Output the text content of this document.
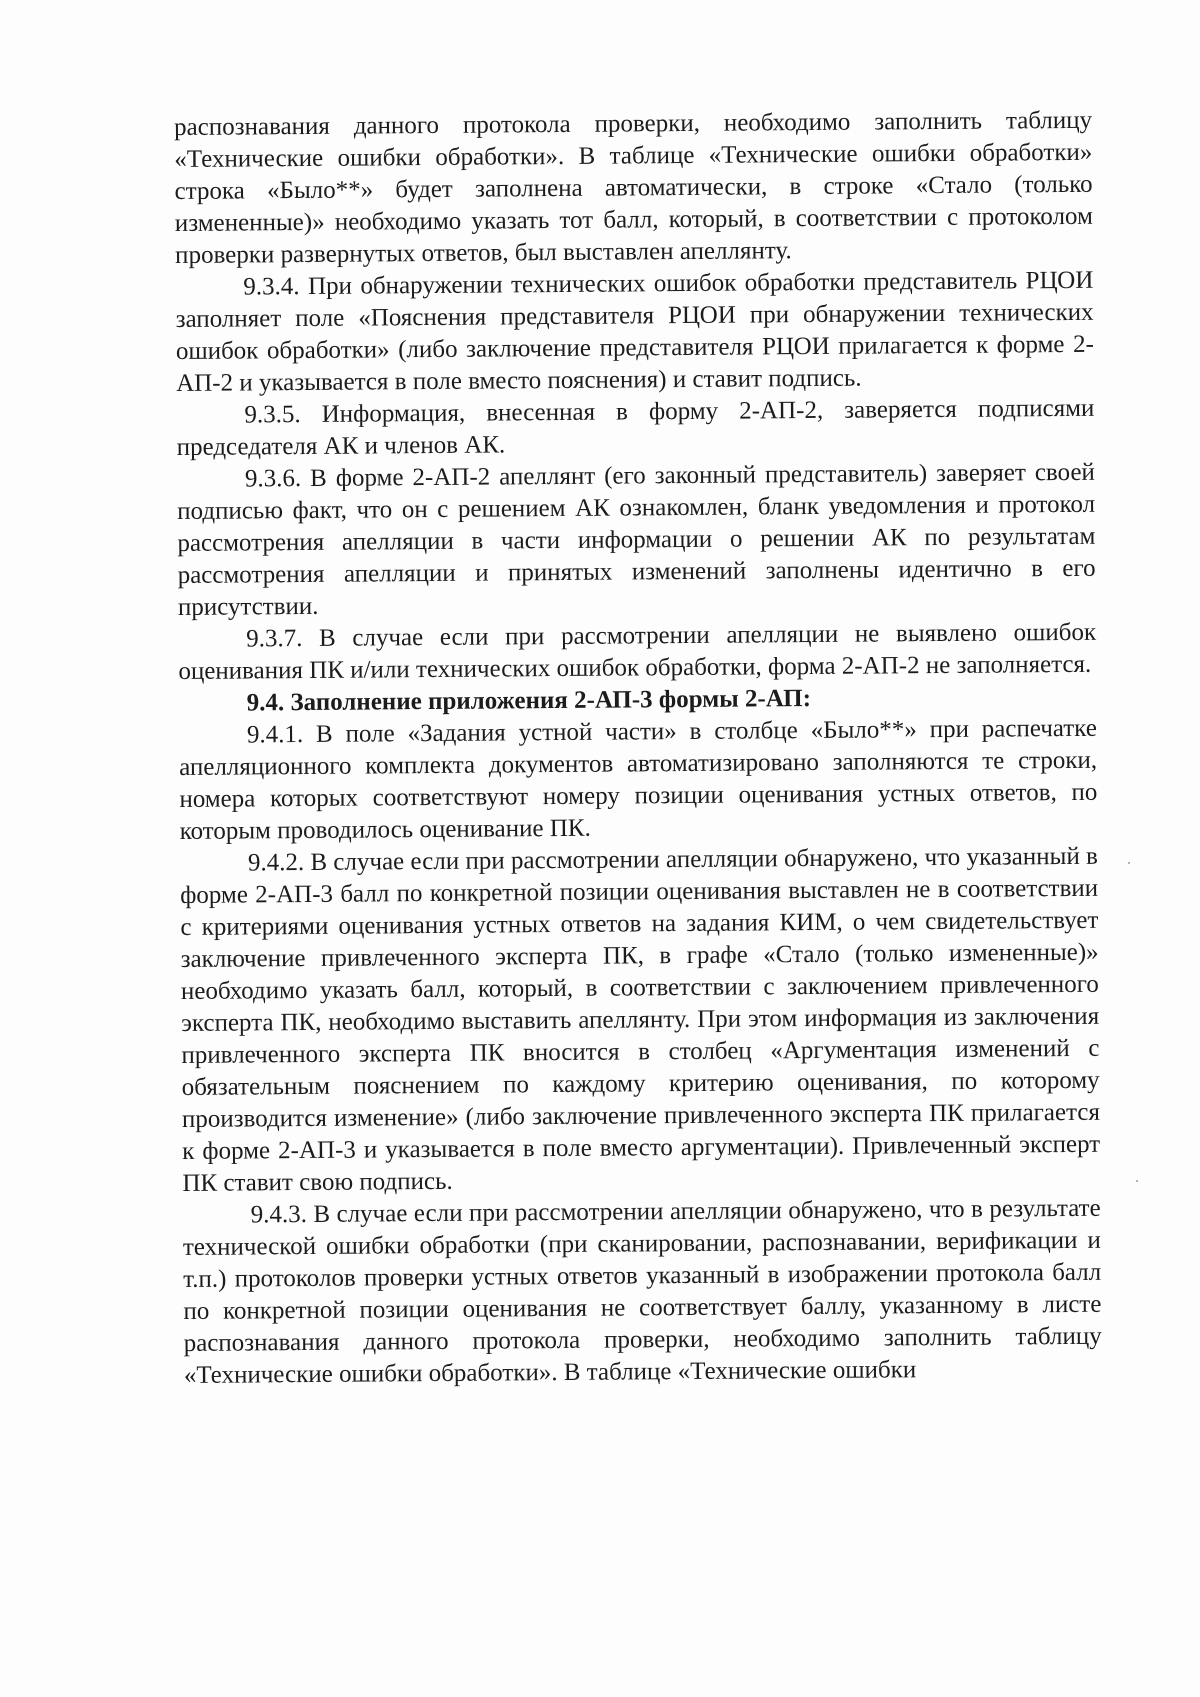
распознавания данного протокола проверки, необходимо заполнить таблицу «Технические ошибки обработки». В таблице «Технические ошибки обработки» строка «Было**» будет заполнена автоматически, в строке «Стало (только измененные)» необходимо указать тот балл, который, в соответствии с протоколом проверки развернутых ответов, был выставлен апеллянту.

9.3.4. При обнаружении технических ошибок обработки представитель РЦОИ заполняет поле «Пояснения представителя РЦОИ при обнаружении технических ошибок обработки» (либо заключение представителя РЦОИ прилагается к форме 2-АП-2 и указывается в поле вместо пояснения) и ставит подпись.

9.3.5. Информация, внесенная в форму 2-АП-2, заверяется подписями председателя АК и членов АК.

9.3.6. В форме 2-АП-2 апеллянт (его законный представитель) заверяет своей подписью факт, что он с решением АК ознакомлен, бланк уведомления и протокол рассмотрения апелляции в части информации о решении АК по результатам рассмотрения апелляции и принятых изменений заполнены идентично в его присутствии.

9.3.7. В случае если при рассмотрении апелляции не выявлено ошибок оценивания ПК и/или технических ошибок обработки, форма 2-АП-2 не заполняется.

9.4. Заполнение приложения 2-АП-3 формы 2-АП:

9.4.1. В поле «Задания устной части» в столбце «Было**» при распечатке апелляционного комплекта документов автоматизировано заполняются те строки, номера которых соответствуют номеру позиции оценивания устных ответов, по которым проводилось оценивание ПК.

9.4.2. В случае если при рассмотрении апелляции обнаружено, что указанный в форме 2-АП-3 балл по конкретной позиции оценивания выставлен не в соответствии с критериями оценивания устных ответов на задания КИМ, о чем свидетельствует заключение привлеченного эксперта ПК, в графе «Стало (только измененные)» необходимо указать балл, который, в соответствии с заключением привлеченного эксперта ПК, необходимо выставить апеллянту. При этом информация из заключения привлеченного эксперта ПК вносится в столбец «Аргументация изменений с обязательным пояснением по каждому критерию оценивания, по которому производится изменение» (либо заключение привлеченного эксперта ПК прилагается к форме 2-АП-3 и указывается в поле вместо аргументации). Привлеченный эксперт ПК ставит свою подпись.

9.4.3. В случае если при рассмотрении апелляции обнаружено, что в результате технической ошибки обработки (при сканировании, распознавании, верификации и т.п.) протоколов проверки устных ответов указанный в изображении протокола балл по конкретной позиции оценивания не соответствует баллу, указанному в листе распознавания данного протокола проверки, необходимо заполнить таблицу «Технические ошибки обработки». В таблице «Технические ошибки
